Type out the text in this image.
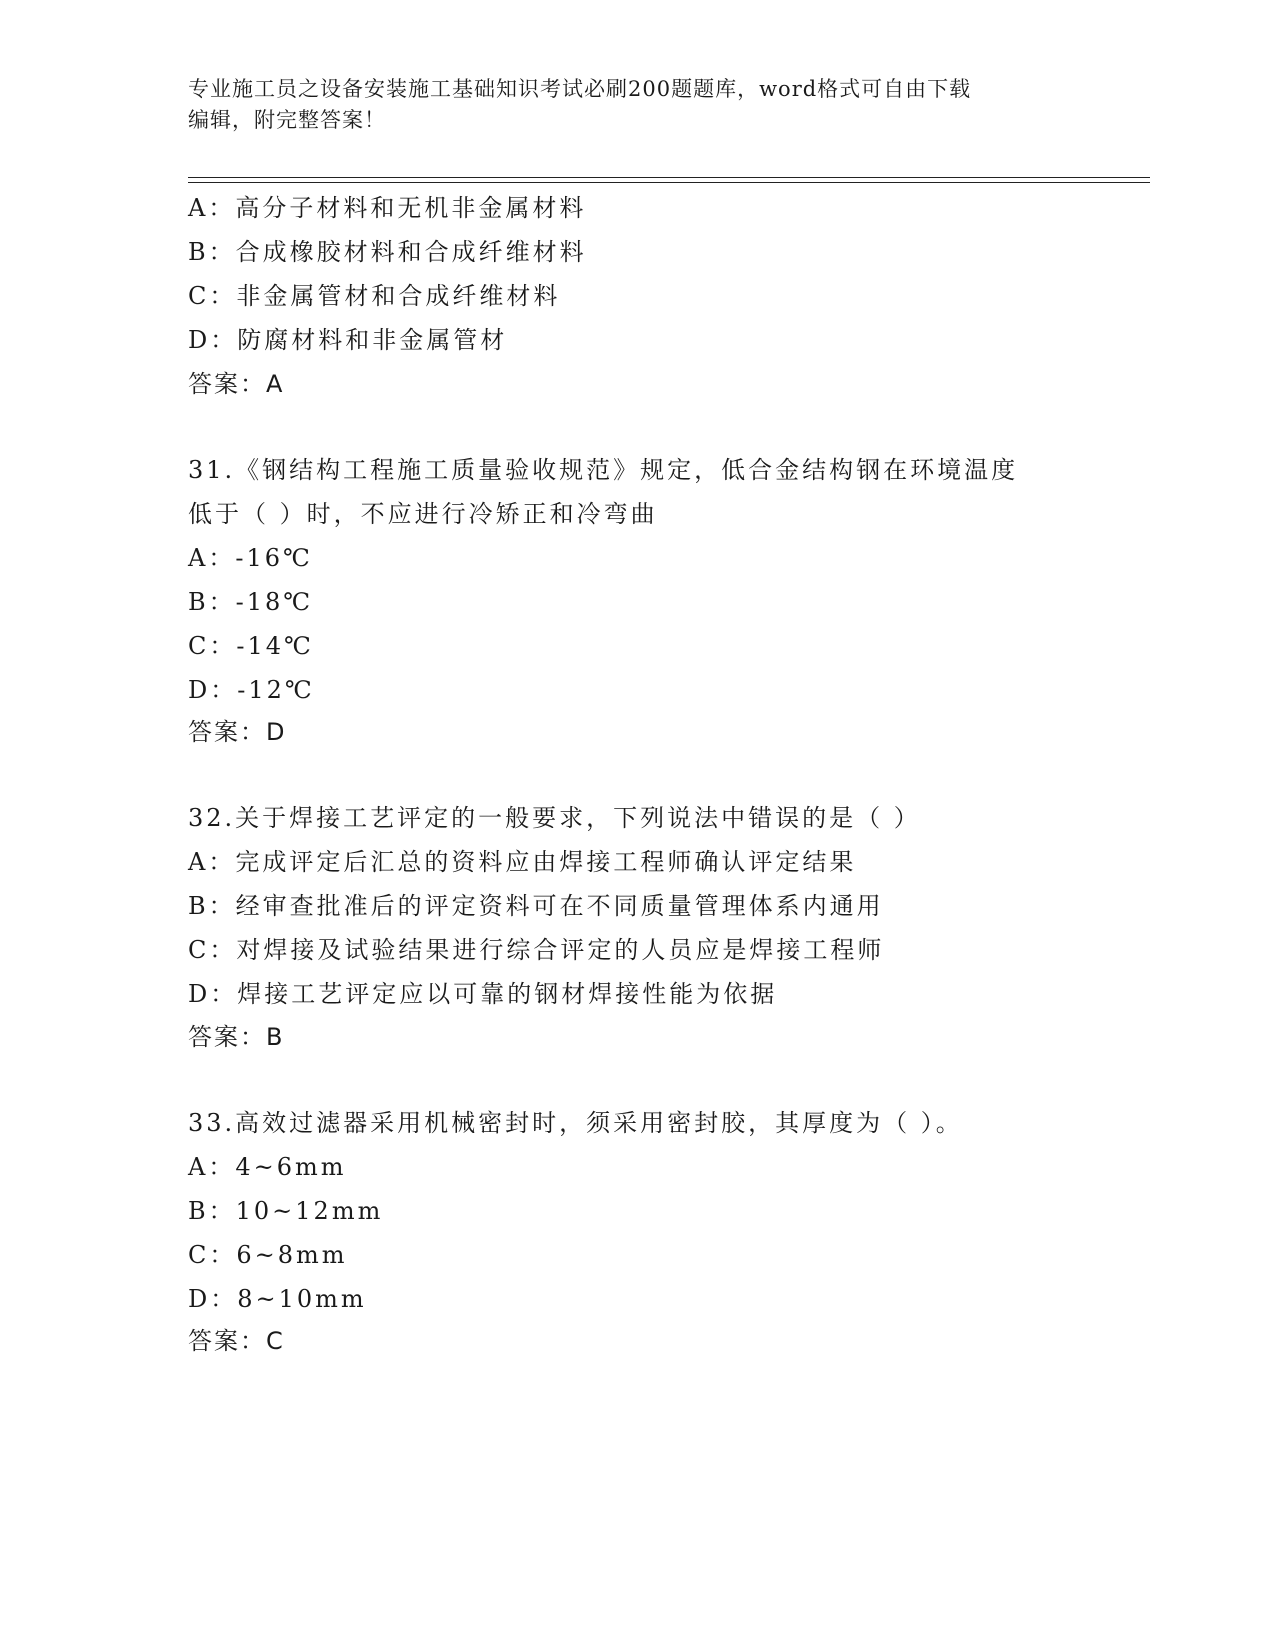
专业施工员之设备安装施工基础知识考试必刷200题题库，word格式可自由下载
编辑，附完整答案！
A：高分子材料和无机非金属材料
B：合成橡胶材料和合成纤维材料
C：非金属管材和合成纤维材料
D：防腐材料和非金属管材
答案：A
31.《钢结构工程施工质量验收规范》规定，低合金结构钢在环境温度
低于（ ）时，不应进行冷矫正和冷弯曲
A：-16℃
B：-18℃
C：-14℃
D：-12℃
答案：D
32.关于焊接工艺评定的一般要求，下列说法中错误的是（ ）
A：完成评定后汇总的资料应由焊接工程师确认评定结果
B：经审查批准后的评定资料可在不同质量管理体系内通用
C：对焊接及试验结果进行综合评定的人员应是焊接工程师
D：焊接工艺评定应以可靠的钢材焊接性能为依据
答案：B
33.高效过滤器采用机械密封时，须采用密封胶，其厚度为（ ）。
A：4~6mm
B：10~12mm
C：6~8mm
D：8~10mm
答案：C
